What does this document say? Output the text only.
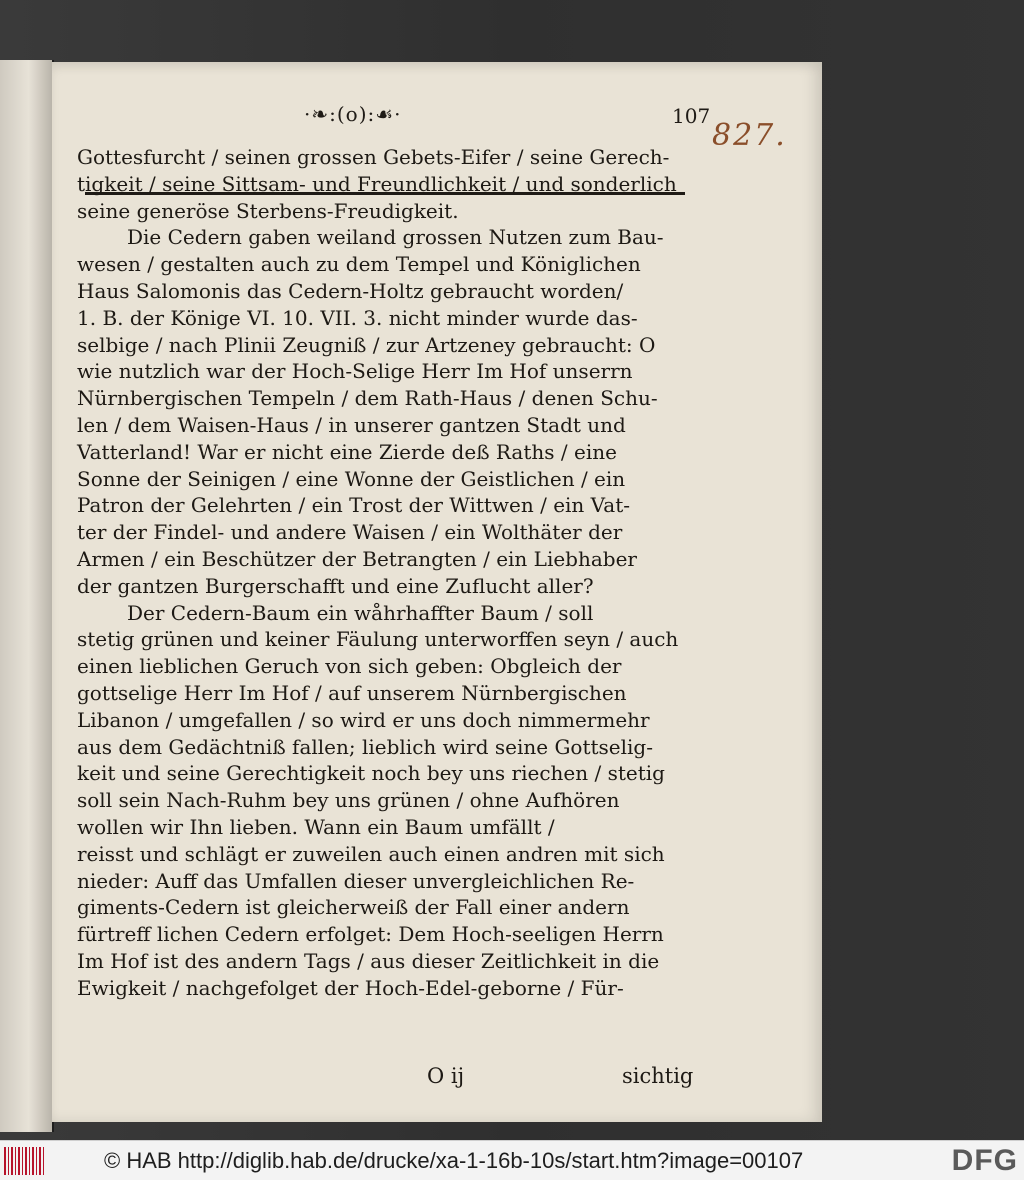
·❧:(o):☙·	107
Gottesfurcht / seinen grossen Gebets-Eifer / seine Gerech-
tigkeit / seine Sittsam- und Freundlichkeit / und sonderlich
seine generöse Sterbens-Freudigkeit.
Die Cedern gaben weiland grossen Nutzen zum Bau-
wesen / gestalten auch zu dem Tempel und Königlichen
Haus Salomonis das Cedern-Holtz gebraucht worden/
1. B. der Könige VI. 10. VII. 3. nicht minder wurde das-
selbige / nach Plinii Zeugniß / zur Artzeney gebraucht: O
wie nutzlich war der Hoch-Selige Herr Im Hof unserrn
Nürnbergischen Tempeln / dem Rath-Haus / denen Schu-
len / dem Waisen-Haus / in unserer gantzen Stadt und
Vatterland! War er nicht eine Zierde deß Raths / eine
Sonne der Seinigen / eine Wonne der Geistlichen / ein
Patron der Gelehrten / ein Trost der Wittwen / ein Vat-
ter der Findel- und andere Waisen / ein Wolthäter der
Armen / ein Beschützer der Betrangten / ein Liebhaber
der gantzen Burgerschafft und eine Zuflucht aller?
Der Cedern-Baum ein wåhrhaffter Baum / soll
stetig grünen und keiner Fäulung unterworffen seyn / auch
einen lieblichen Geruch von sich geben: Obgleich der
gottselige Herr Im Hof / auf unserem Nürnbergischen
Libanon / umgefallen / so wird er uns doch nimmermehr
aus dem Gedächtniß fallen; lieblich wird seine Gottselig-
keit und seine Gerechtigkeit noch bey uns riechen / stetig
soll sein Nach-Ruhm bey uns grünen / ohne Aufhören
wollen wir Ihn lieben. Wann ein Baum umfällt /
reisst und schlägt er zuweilen auch einen andren mit sich
nieder: Auff das Umfallen dieser unvergleichlichen Re-
giments-Cedern ist gleicherweiß der Fall einer andern
fürtreff lichen Cedern erfolget: Dem Hoch-seeligen Herrn
Im Hof ist des andern Tags / aus dieser Zeitlichkeit in die
Ewigkeit / nachgefolget der Hoch-Edel-geborne / Für-
O ij	sichtig
827.
© HAB http://diglib.hab.de/drucke/xa-1-16b-10s/start.htm?image=00107	DFG
